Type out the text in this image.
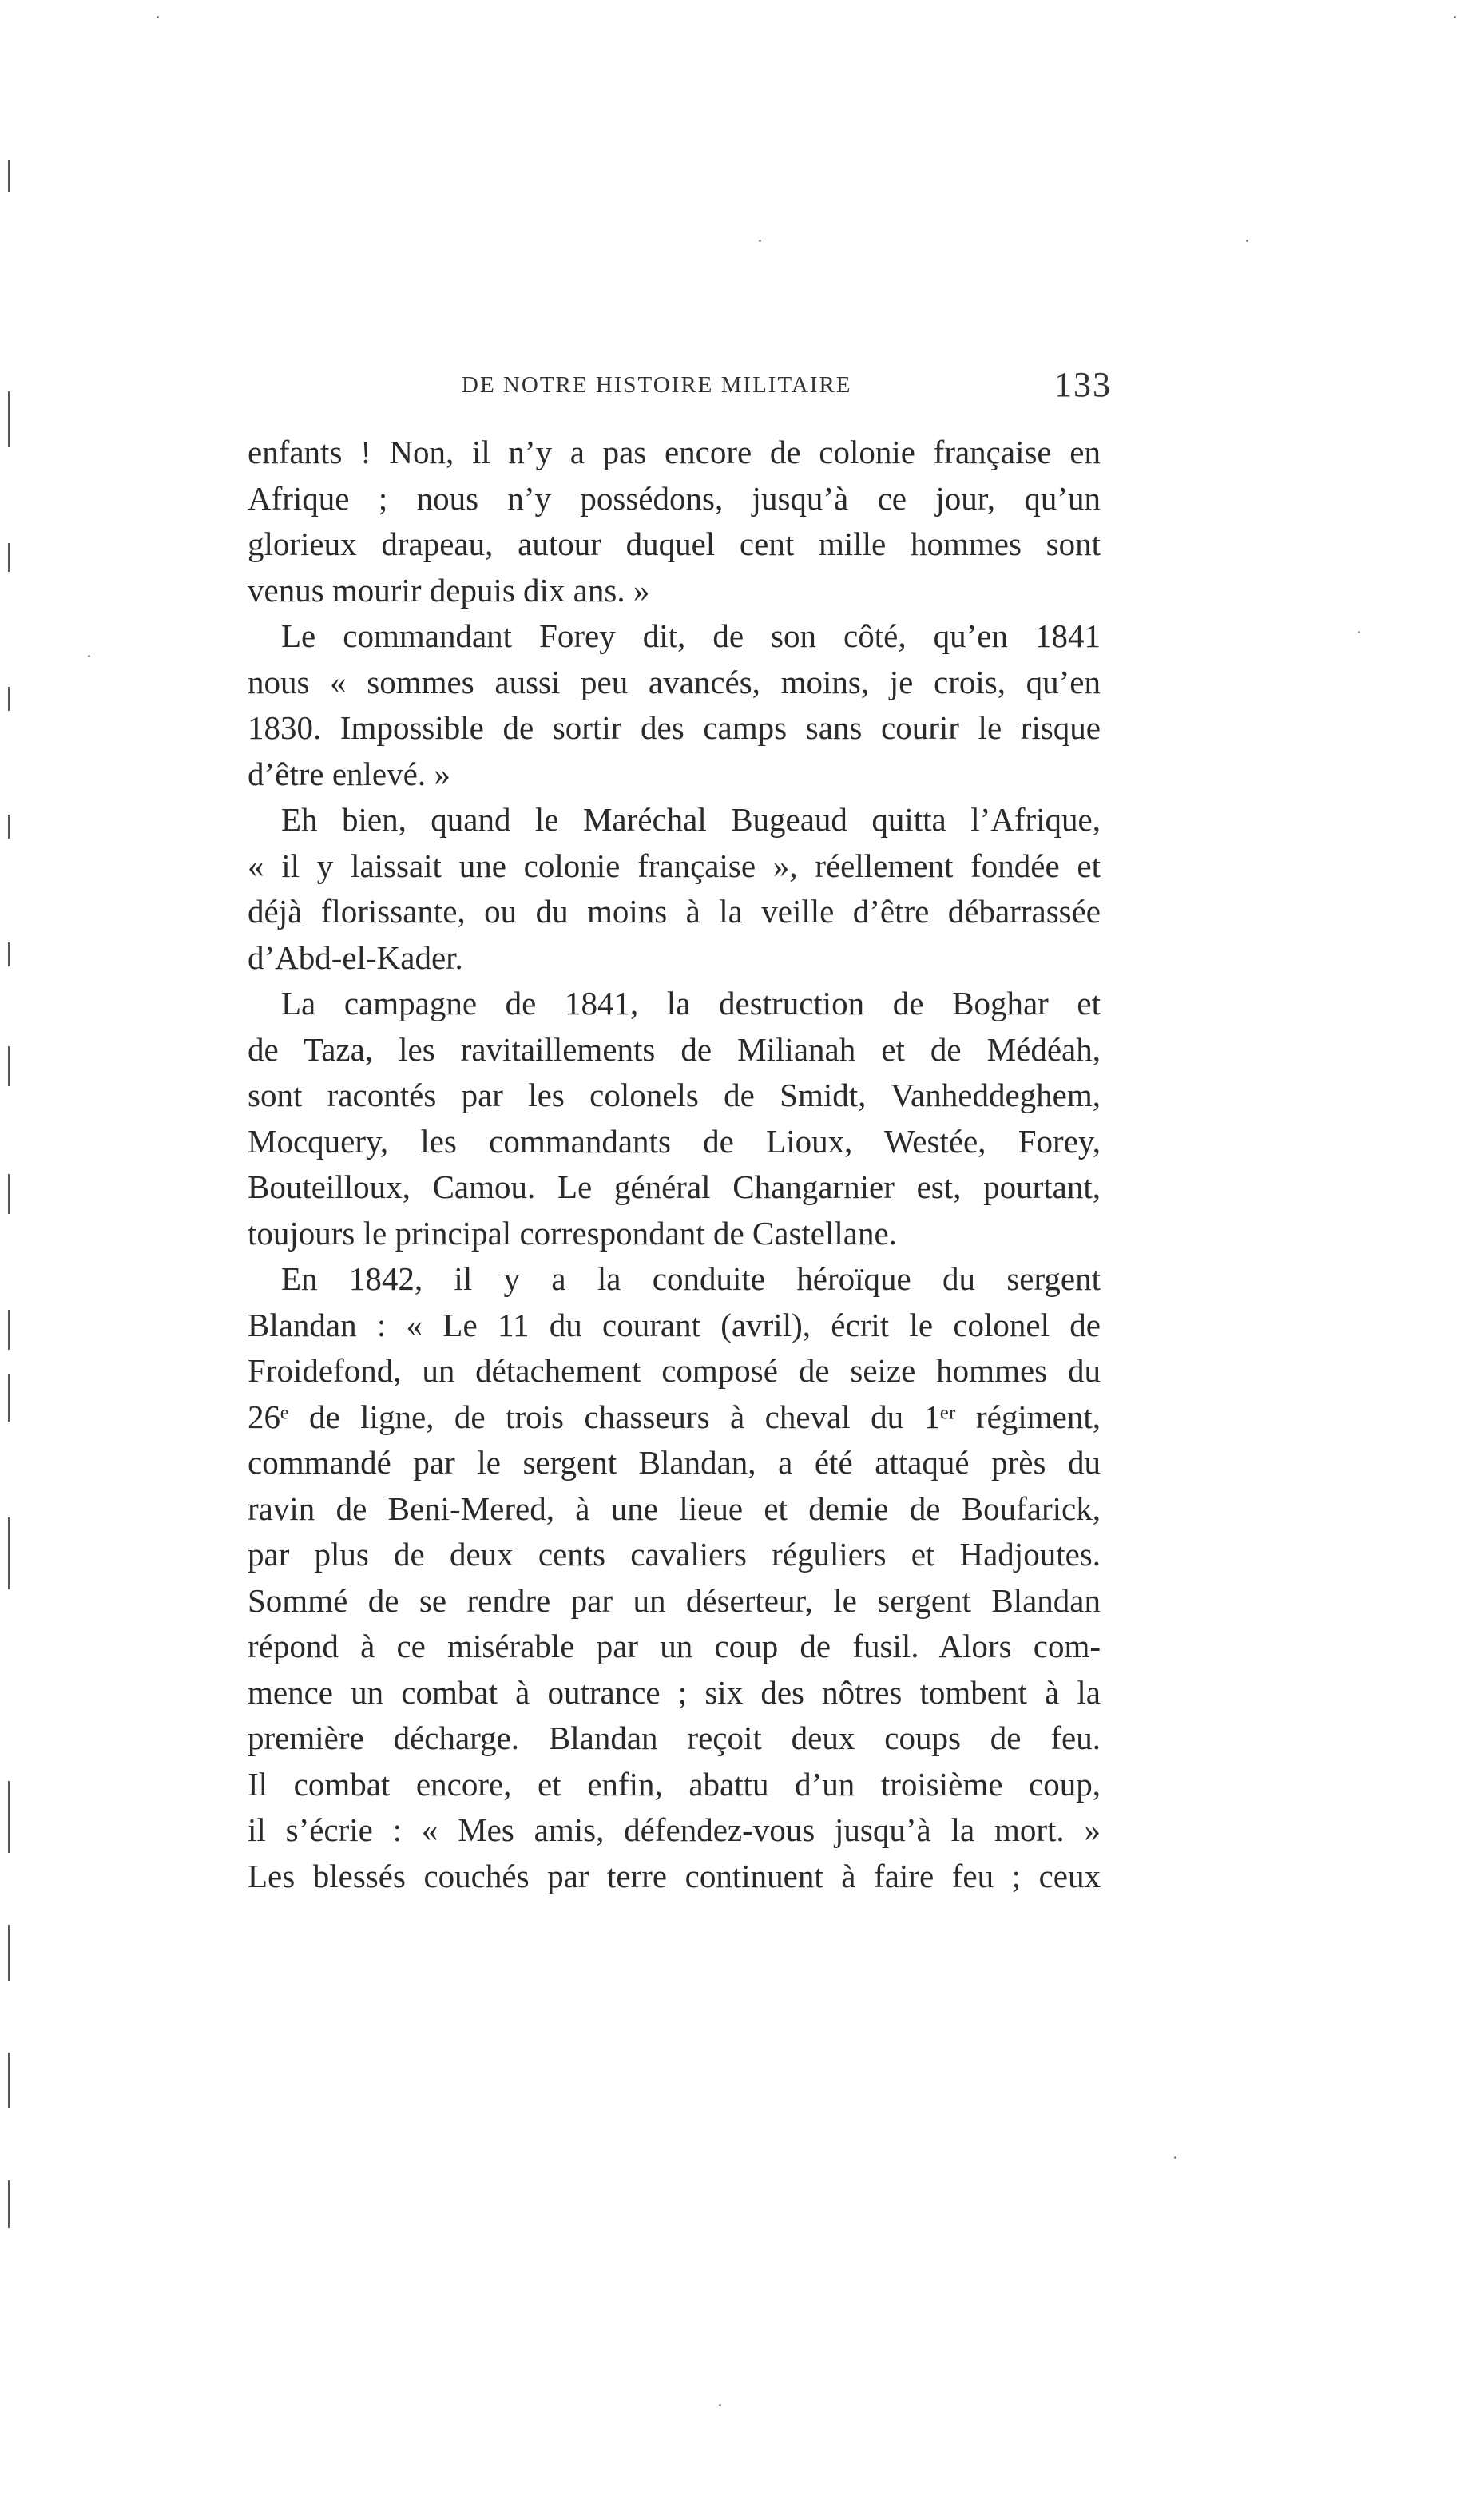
DE NOTRE HISTOIRE MILITAIRE	133
enfants ! Non, il n’y a pas encore de colonie française en
Afrique ; nous n’y possédons, jusqu’à ce jour, qu’un
glorieux drapeau, autour duquel cent mille hommes sont
venus mourir depuis dix ans. »
Le commandant Forey dit, de son côté, qu’en 1841
nous « sommes aussi peu avancés, moins, je crois, qu’en
1830. Impossible de sortir des camps sans courir le risque
d’être enlevé. »
Eh bien, quand le Maréchal Bugeaud quitta l’Afrique,
« il y laissait une colonie française », réellement fondée et
déjà florissante, ou du moins à la veille d’être débarrassée
d’Abd-el-Kader.
La campagne de 1841, la destruction de Boghar et
de Taza, les ravitaillements de Milianah et de Médéah,
sont racontés par les colonels de Smidt, Vanheddeghem,
Mocquery, les commandants de Lioux, Westée, Forey,
Bouteilloux, Camou. Le général Changarnier est, pourtant,
toujours le principal correspondant de Castellane.
En 1842, il y a la conduite héroïque du sergent
Blandan : « Le 11 du courant (avril), écrit le colonel de
Froidefond, un détachement composé de seize hommes du
26ᵉ de ligne, de trois chasseurs à cheval du 1ᵉʳ régiment,
commandé par le sergent Blandan, a été attaqué près du
ravin de Beni-Mered, à une lieue et demie de Boufarick,
par plus de deux cents cavaliers réguliers et Hadjoutes.
Sommé de se rendre par un déserteur, le sergent Blandan
répond à ce misérable par un coup de fusil. Alors com-
mence un combat à outrance ; six des nôtres tombent à la
première décharge. Blandan reçoit deux coups de feu.
Il combat encore, et enfin, abattu d’un troisième coup,
il s’écrie : « Mes amis, défendez-vous jusqu’à la mort. »
Les blessés couchés par terre continuent à faire feu ; ceux
